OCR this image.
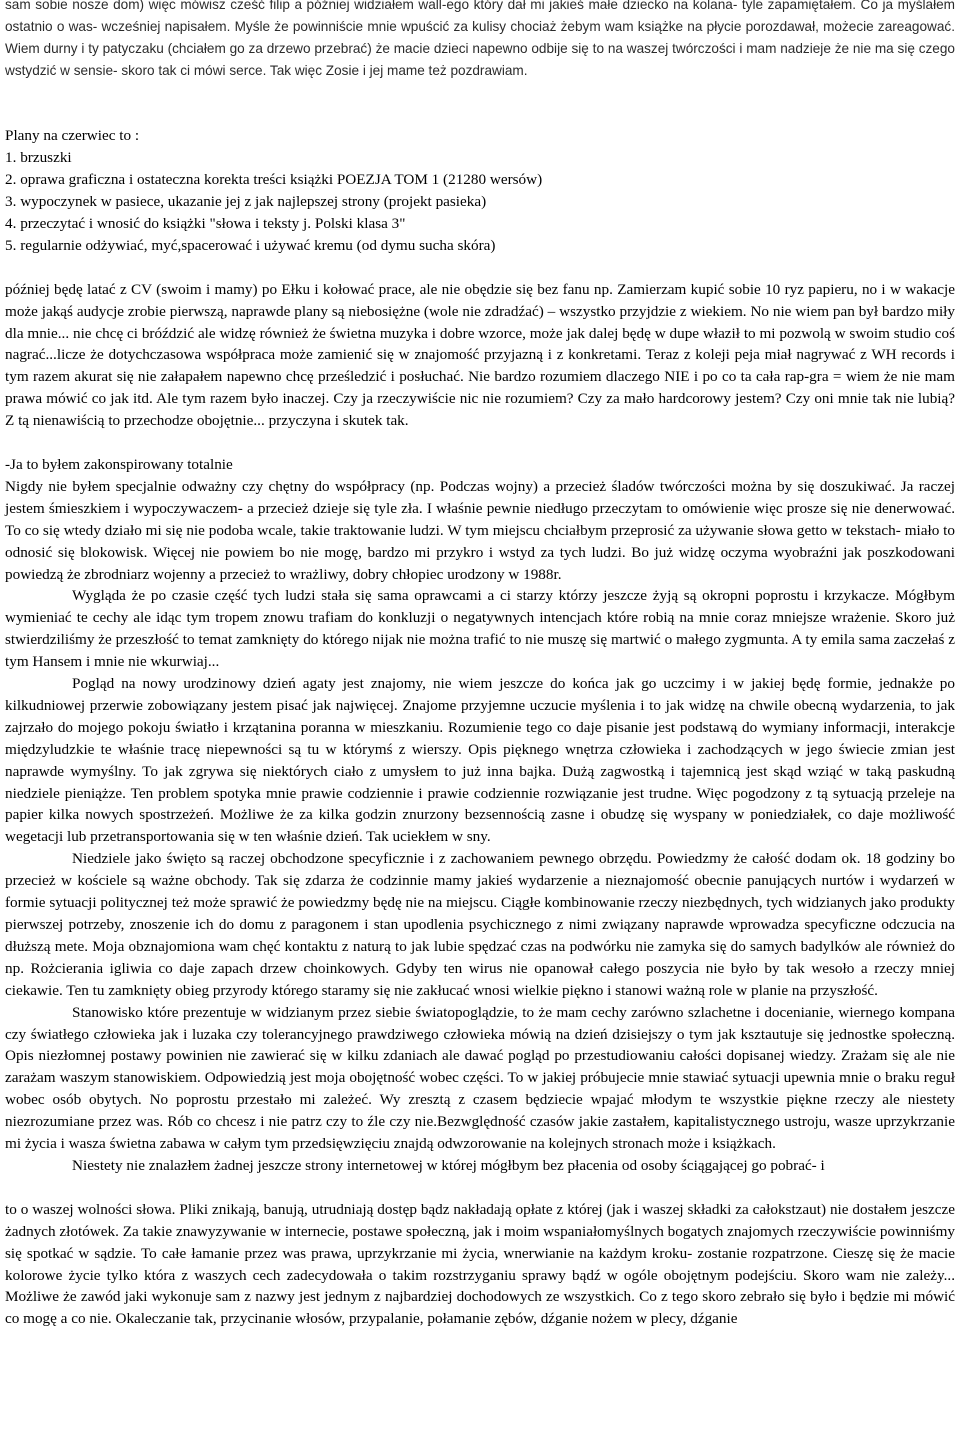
sam sobie nosze dom) więc mówisz cześć filip a później widziałem wall-ego który dał mi jakieś małe dziecko na kolana- tyle zapamiętałem. Co ja myślałem ostatnio o was- wcześniej napisałem. Myśle że powinniście mnie wpuścić za kulisy chociaż żebym wam książke na płycie porozdawał, możecie zareagować. Wiem durny i ty patyczaku (chciałem go za drzewo przebrać) że macie dzieci napewno odbije się to na waszej twórczości i mam nadzieje że nie ma się czego wstydzić w sensie- skoro tak ci mówi serce. Tak więc Zosie i jej mame też pozdrawiam.

Plany na czerwiec to :

1. brzuszki
2. oprawa graficzna i ostateczna korekta treści książki POEZJA TOM 1 (21280 wersów)
3. wypoczynek w pasiece, ukazanie jej z jak najlepszej strony (projekt pasieka)
4. przeczytać i wnosić do książki "słowa i teksty j. Polski klasa 3"
5. regularnie odżywiać, myć,spacerować i używać kremu (od dymu sucha skóra)

później będę latać z CV (swoim i mamy) po Ełku i kołować prace, ale nie obędzie się bez fanu np. Zamierzam kupić sobie 10 ryz papieru, no i w wakacje może jakąś audycje zrobie pierwszą, naprawde plany są niebosiężne (wole nie zdradźać) – wszystko przyjdzie z wiekiem. No nie wiem pan był bardzo miły dla mnie... nie chcę ci bróździć ale widzę również że świetna muzyka i dobre wzorce, może jak dalej będę w dupe właził to mi pozwolą w swoim studio coś nagrać...licze że dotychczasowa współpraca może zamienić się w znajomość przyjazną i z konkretami. Teraz z koleji peja miał nagrywać z WH records i tym razem akurat się nie załapałem napewno chcę prześledzić i posłuchać. Nie bardzo rozumiem dlaczego NIE i po co ta cała rap-gra = wiem że nie mam prawa mówić co jak itd. Ale tym razem było inaczej. Czy ja rzeczywiście nic nie rozumiem? Czy za mało hardcorowy jestem? Czy oni mnie tak nie lubią? Z tą nienawiścią to przechodze obojętnie... przyczyna i skutek tak.

-Ja to byłem zakonspirowany totalnie

Nigdy nie byłem specjalnie odważny czy chętny do współpracy (np. Podczas wojny) a przecież śladów twórczości można by się doszukiwać. Ja raczej jestem śmieszkiem i wypoczywaczem- a przecież dzieje się tyle zła. I właśnie pewnie niedługo przeczytam to omówienie więc prosze się nie denerwować. To co się wtedy działo mi się nie podoba wcale, takie traktowanie ludzi. W tym miejscu chciałbym przeprosić za używanie słowa getto w tekstach- miało to odnosić się blokowisk. Więcej nie powiem bo nie mogę, bardzo mi przykro i wstyd za tych ludzi. Bo już widzę oczyma wyobraźni jak poszkodowani powiedzą że zbrodniarz wojenny a przecież to wrażliwy, dobry chłopiec urodzony w 1988r.

Wygląda że po czasie część tych ludzi stała się sama oprawcami a ci starzy którzy jeszcze żyją są okropni poprostu i krzykacze. Mógłbym wymieniać te cechy ale idąc tym tropem znowu trafiam do konkluzji o negatywnych intencjach które robią na mnie coraz mniejsze wrażenie. Skoro już stwierdziliśmy że przeszłość to temat zamknięty do którego nijak nie można trafić to nie muszę się martwić o małego zygmunta. A ty emila sama zaczełaś z tym Hansem i mnie nie wkurwiaj...

Pogląd na nowy urodzinowy dzień agaty jest znajomy, nie wiem jeszcze do końca jak go uczcimy i w jakiej będę formie, jednakże po kilkudniowej przerwie zobowiązany jestem pisać jak najwięcej. Znajome przyjemne uczucie myślenia i to jak widzę na chwile obecną wydarzenia, to jak zajrzało do mojego pokoju światło i krzątanina poranna w mieszkaniu. Rozumienie tego co daje pisanie jest podstawą do wymiany informacji, interakcje międzyludzkie te właśnie tracę niepewności są tu w którymś z wierszy. Opis pięknego wnętrza człowieka i zachodzących w jego świecie zmian jest naprawde wymyślny. To jak zgrywa się niektórych ciało z umysłem to już inna bajka. Dużą zagwostką i tajemnicą jest skąd wziąć w taką paskudną niedziele pieniążze. Ten problem spotyka mnie prawie codziennie i prawie codziennie rozwiązanie jest trudne. Więc pogodzony z tą sytuacją przeleje na papier kilka nowych spostrzeżeń. Możliwe że za kilka godzin znurzony bezsennością zasne i obudzę się wyspany w poniedziałek, co daje możliwość wegetacji lub przetransportowania się w ten właśnie dzień. Tak uciekłem w sny.

Niedziele jako święto są raczej obchodzone specyficznie i z zachowaniem pewnego obrzędu. Powiedzmy że całość dodam ok. 18 godziny bo przecież w kościele są ważne obchody. Tak się zdarza że codzinnie mamy jakieś wydarzenie a nieznajomość obecnie panujących nurtów i wydarzeń w formie sytuacji politycznej też może sprawić że powiedzmy będę nie na miejscu. Ciągłe kombinowanie rzeczy niezbędnych, tych widzianych jako produkty pierwszej potrzeby, znoszenie ich do domu z paragonem i stan upodlenia psychicznego z nimi związany naprawde wprowadza specyficzne odczucia na dłuższą mete. Moja obznajomiona wam chęć kontaktu z naturą to jak lubie spędzać czas na podwórku nie zamyka się do samych badylków ale również do np. Rożcierania igliwia co daje zapach drzew choinkowych. Gdyby ten wirus nie opanował całego poszycia nie było by tak wesoło a rzeczy mniej ciekawie. Ten tu zamknięty obieg przyrody którego staramy się nie zakłucać wnosi wielkie piękno i stanowi ważną role w planie na przyszłość.

Stanowisko które prezentuje w widzianym przez siebie światopoglądzie, to że mam cechy zarówno szlachetne i docenianie, wiernego kompana czy światłego człowieka jak i luzaka czy tolerancyjnego prawdziwego człowieka mówią na dzień dzisiejszy o tym jak ksztautuje się jednostke społeczną. Opis niezłomnej postawy powinien nie zawierać się w kilku zdaniach ale dawać pogląd po przestudiowaniu całości dopisanej wiedzy. Zrażam się ale nie zarażam waszym stanowiskiem. Odpowiedzią jest moja obojętność wobec części. To w jakiej próbujecie mnie stawiać sytuacji upewnia mnie o braku reguł wobec osób obytych. No poprostu przestało mi zależeć. Wy zresztą z czasem będziecie wpajać młodym te wszystkie piękne rzeczy ale niestety niezrozumiane przez was. Rób co chcesz i nie patrz czy to źle czy nie.Bezwględność czasów jakie zastałem, kapitalistycznego ustroju, wasze uprzykrzanie mi życia i wasza świetna zabawa w całym tym przedsięwzięciu znajdą odwzorowanie na kolejnych stronach może i książkach.

Niestety nie znalazłem żadnej jeszcze strony internetowej w której mógłbym bez płacenia od osoby ściągającej go pobrać- i

to o waszej wolności słowa. Pliki znikają, banują, utrudniają dostęp bądz nakładają opłate z której (jak i waszej składki za całokstzaut) nie dostałem jeszcze żadnych złotówek. Za takie znawyzywanie w internecie, postawe społeczną, jak i moim wspaniałomyślnych bogatych znajomych rzeczywiście powinniśmy się spotkać w sądzie. To całe łamanie przez was prawa, uprzykrzanie mi życia, wnerwianie na każdym kroku- zostanie rozpatrzone. Cieszę się że macie kolorowe życie tylko która z waszych cech zadecydowała o takim rozstrzyganiu sprawy bądź w ogóle obojętnym podejściu. Skoro wam nie zależy... Możliwe że zawód jaki wykonuje sam z nazwy jest jednym z najbardziej dochodowych ze wszystkich. Co z tego skoro zebrało się było i będzie mi mówić co mogę a co nie. Okaleczanie tak, przycinanie włosów, przypalanie, połamanie zębów, dźganie nożem w plecy, dźganie
